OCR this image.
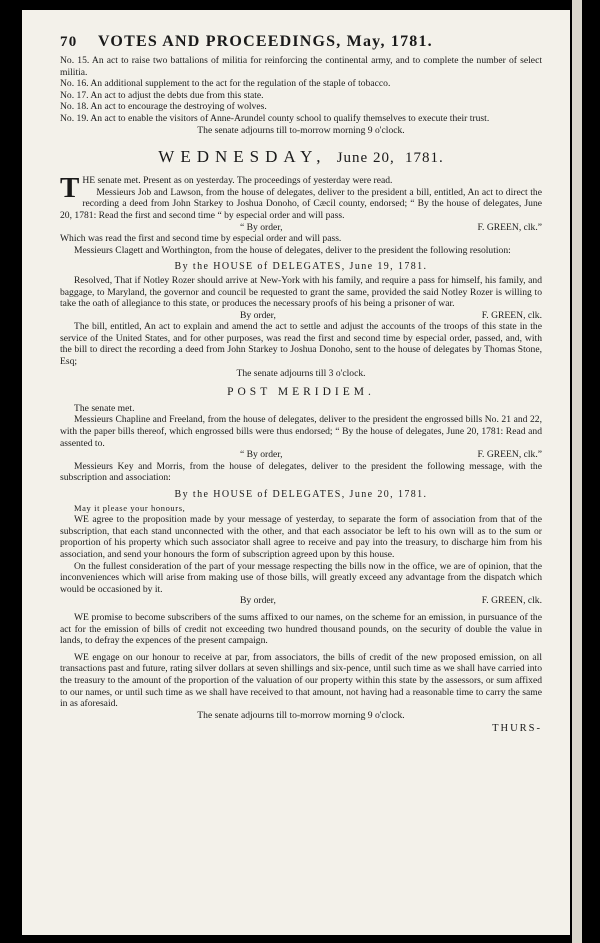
70	VOTES AND PROCEEDINGS, May, 1781.

No. 15. An act to raise two battalions of militia for reinforcing the continental army, and to complete the number of select militia.

No. 16. An additional supplement to the act for the regulation of the staple of tobacco.

No. 17. An act to adjust the debts due from this state.

No. 18. An act to encourage the destroying of wolves.

No. 19. An act to enable the visitors of Anne-Arundel county school to qualify themselves to execute their trust.

The senate adjourns till to-morrow morning 9 o'clock.

WEDNESDAY, June 20, 1781.
T HE senate met. Present as on yesterday. The proceedings of yesterday were read.

Messieurs Job and Lawson, from the house of delegates, deliver to the president a bill, entitled, An act to direct the recording a deed from John Starkey to Joshua Donoho, of Cæcil county, endorsed; “ By the house of delegates, June 20, 1781: Read the first and second time “ by especial order and will pass.

“ By order,	F. GREEN, clk.”

Which was read the first and second time by especial order and will pass.

Messieurs Clagett and Worthington, from the house of delegates, deliver to the president the following resolution:

By the HOUSE of DELEGATES, June 19, 1781.

Resolved, That if Notley Rozer should arrive at New-York with his family, and require a pass for himself, his family, and baggage, to Maryland, the governor and council be requested to grant the same, provided the said Notley Rozer is willing to take the oath of allegiance to this state, or produces the necessary proofs of his being a prisoner of war.

By order,	F. GREEN, clk.

The bill, entitled, An act to explain and amend the act to settle and adjust the accounts of the troops of this state in the service of the United States, and for other purposes, was read the first and second time by especial order, passed, and, with the bill to direct the recording a deed from John Starkey to Joshua Donoho, sent to the house of delegates by Thomas Stone, Esq;

The senate adjourns till 3 o'clock.

POST MERIDIEM.

The senate met.

Messieurs Chapline and Freeland, from the house of delegates, deliver to the president the engrossed bills No. 21 and 22, with the paper bills thereof, which engrossed bills were thus endorsed; “ By the house of delegates, June 20, 1781: Read and assented to.

“ By order,	F. GREEN, clk.”

Messieurs Key and Morris, from the house of delegates, deliver to the president the following message, with the subscription and association:

By the HOUSE of DELEGATES, June 20, 1781.

May it please your honours,

WE agree to the proposition made by your message of yesterday, to separate the form of association from that of the subscription, that each stand unconnected with the other, and that each associator be left to his own will as to the sum or proportion of his property which such associator shall agree to receive and pay into the treasury, to discharge him from his association, and send your honours the form of subscription agreed upon by this house.

On the fullest consideration of the part of your message respecting the bills now in the office, we are of opinion, that the inconveniences which will arise from making use of those bills, will greatly exceed any advantage from the dispatch which would be occasioned by it.

By order,	F. GREEN, clk.

WE promise to become subscribers of the sums affixed to our names, on the scheme for an emission, in pursuance of the act for the emission of bills of credit not exceeding two hundred thousand pounds, on the security of double the value in lands, to defray the expences of the present campaign.

WE engage on our honour to receive at par, from associators, the bills of credit of the new proposed emission, on all transactions past and future, rating silver dollars at seven shillings and six-pence, until such time as we shall have carried into the treasury to the amount of the proportion of the valuation of our property within this state by the assessors, or sum affixed to our names, or until such time as we shall have received to that amount, not having had a reasonable time to carry the same in as aforesaid.

The senate adjourns till to-morrow morning 9 o'clock.

THURS-
